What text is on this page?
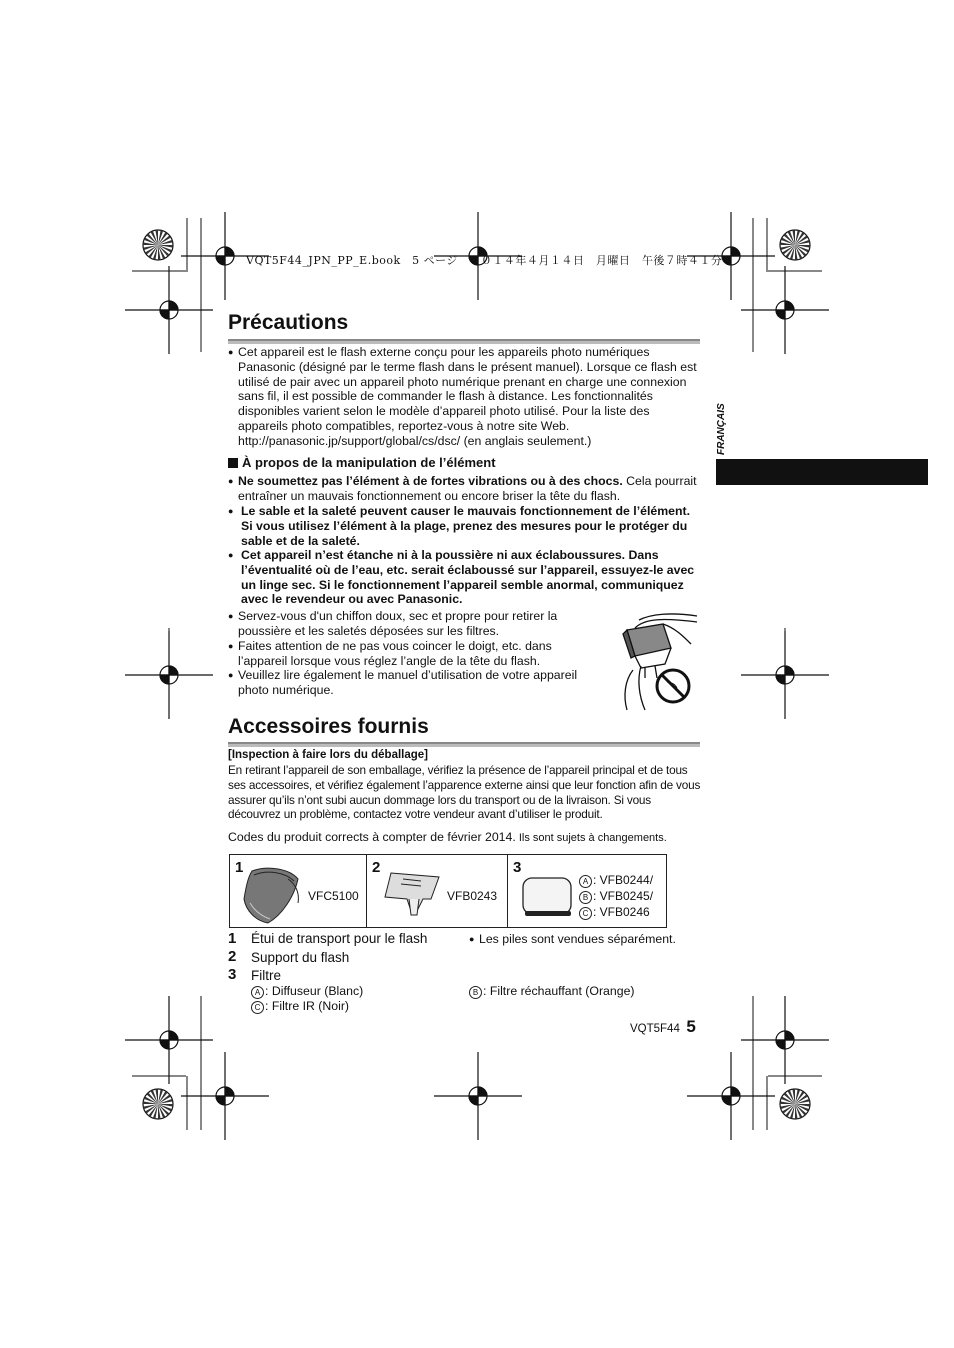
VQT5F44_JPN_PP_E.book　5 ページ　２０１４年４月１４日　月曜日　午後７時４１分
Précautions
● Cet appareil est le flash externe conçu pour les appareils photo numériques Panasonic (désigné par le terme flash dans le présent manuel). Lorsque ce flash est utilisé de pair avec un appareil photo numérique prenant en charge une connexion sans fil, il est possible de commander le flash à distance. Les fonctionnalités disponibles varient selon le modèle d’appareil photo utilisé. Pour la liste des appareils photo compatibles, reportez-vous à notre site Web. http://panasonic.jp/support/global/cs/dsc/ (en anglais seulement.)
À propos de la manipulation de l’élément
● Ne soumettez pas l’élément à de fortes vibrations ou à des chocs. Cela pourrait entraîner un mauvais fonctionnement ou encore briser la tête du flash.
● Le sable et la saleté peuvent causer le mauvais fonctionnement de l’élément. Si vous utilisez l’élément à la plage, prenez des mesures pour le protéger du sable et de la saleté.
● Cet appareil n’est étanche ni à la poussière ni aux éclaboussures. Dans l’éventualité où de l’eau, etc. serait éclaboussé sur l’appareil, essuyez-le avec un linge sec. Si le fonctionnement l’appareil semble anormal, communiquez avec le revendeur ou avec Panasonic.
● Servez-vous d'un chiffon doux, sec et propre pour retirer la poussière et les saletés déposées sur les filtres.
● Faites attention de ne pas vous coincer le doigt, etc. dans l’appareil lorsque vous réglez l’angle de la tête du flash.
● Veuillez lire également le manuel d’utilisation de votre appareil photo numérique.
FRANÇAIS
Accessoires fournis
[Inspection à faire lors du déballage]
En retirant l’appareil de son emballage, vérifiez la présence de l’appareil principal et de tous ses accessoires, et vérifiez également l’apparence externe ainsi que leur fonction afin de vous assurer qu’ils n’ont subi aucun dommage lors du transport ou de la livraison. Si vous découvrez un problème, contactez votre vendeur avant d’utiliser le produit.
Codes du produit corrects à compter de février 2014. Ils sont sujets à changements.
1
VFC5100

2
VFB0243

3
A : VFB0244/
B : VFB0245/
C : VFB0246
1 Étui de transport pour le flash
2 Support du flash
3 Filtre
● Les piles sont vendues séparément.
A : Diffuseur (Blanc)	B : Filtre réchauffant (Orange)
C : Filtre IR (Noir)
VQT5F44 5
